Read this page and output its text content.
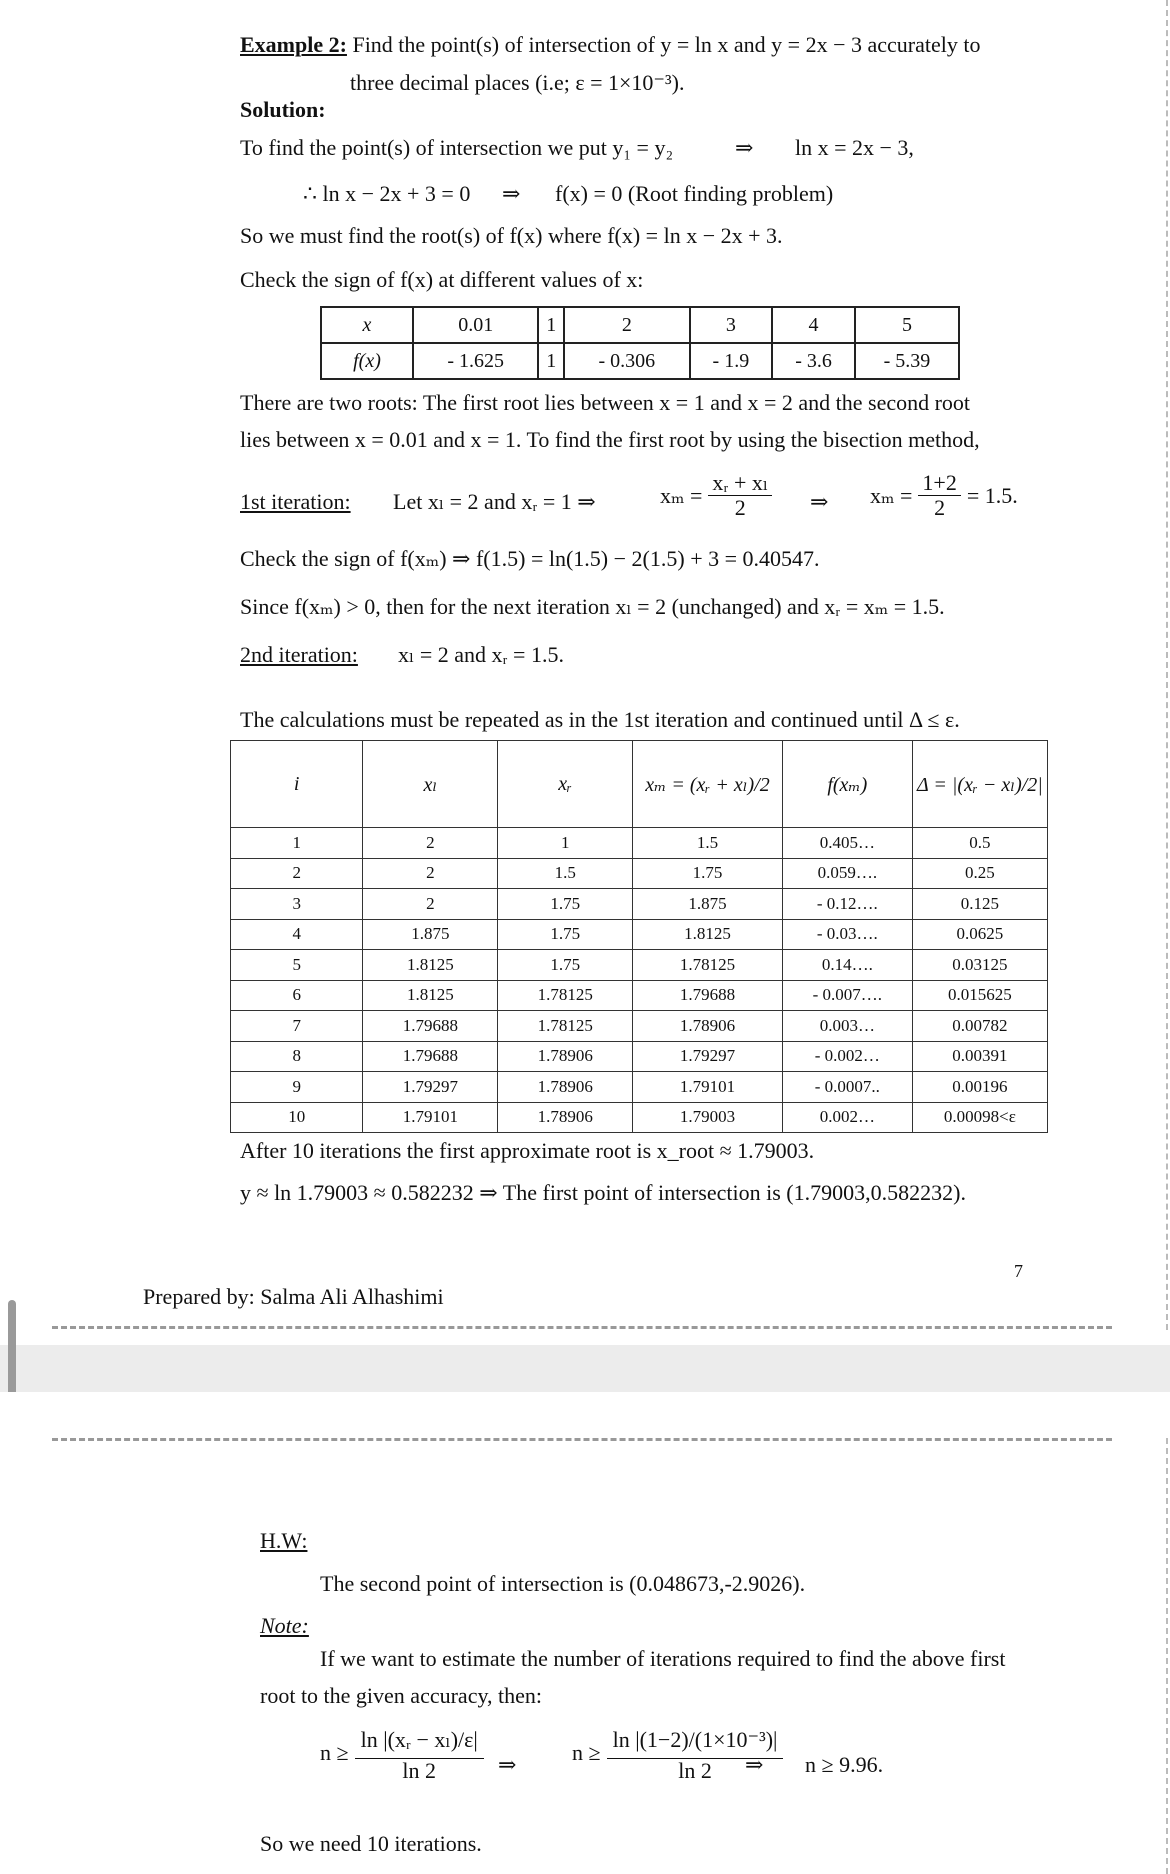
Example 2: Find the point(s) of intersection of y = ln x and y = 2x − 3 accurately to
three decimal places (i.e; ε = 1×10⁻³).
Solution:
To find the point(s) of intersection we put y₁ = y₂	⇒ ln x = 2x − 3,
∴ ln x − 2x + 3 = 0 ⇒ f(x) = 0 (Root finding problem)
So we must find the root(s) of f(x) where f(x) = ln x − 2x + 3.
Check the sign of f(x) at different values of x:
x	0.01	1	2	3	4	5
f(x)	- 1.625	1	- 0.306	- 1.9	- 3.6	- 5.39
There are two roots: The first root lies between x = 1 and x = 2 and the second root
lies between x = 0.01 and x = 1. To find the first root by using the bisection method,
1st iteration: Let xₗ = 2 and xᵣ = 1 ⇒	$x_m = \frac{\text{xᵣ + xₗ}}{2}$ ⇒ $x_m = \frac{1+2}{2} = 1.5$.
Check the sign of f(xₘ) ⇒ f(1.5) = ln(1.5) − 2(1.5) + 3 = 0.40547.
Since f(xₘ) > 0, then for the next iteration xₗ = 2 (unchanged) and xᵣ = xₘ = 1.5.
2nd iteration: xₗ = 2 and xᵣ = 1.5.
The calculations must be repeated as in the 1st iteration and continued until Δ ≤ ε.
i	xₗ	xᵣ	xₘ = (xᵣ + xₗ)/2	f(xₘ)	Δ = |(xᵣ − xₗ)/2|
1	2	1	1.5	0.405…	0.5
2	2	1.5	1.75	0.059….	0.25
3	2	1.75	1.875	- 0.12….	0.125
4	1.875	1.75	1.8125	- 0.03….	0.0625
5	1.8125	1.75	1.78125	0.14….	0.03125
6	1.8125	1.78125	1.79688	- 0.007….	0.015625
7	1.79688	1.78125	1.78906	0.003…	0.00782
8	1.79688	1.78906	1.79297	- 0.002…	0.00391
9	1.79297	1.78906	1.79101	- 0.0007..	0.00196
10	1.79101	1.78906	1.79003	0.002…	0.00098<ε
After 10 iterations the first approximate root is x_root ≈ 1.79003.
y ≈ ln 1.79003 ≈ 0.582232 ⇒ The first point of intersection is (1.79003,0.582232).
7
Prepared by: Salma Ali Alhashimi
H.W:
The second point of intersection is (0.048673,-2.9026).
Note:
If we want to estimate the number of iterations required to find the above first
root to the given accuracy, then:
$n \ge \frac{\text{ln |(xᵣ − xₗ)/ε|}}{\ln 2}$ ⇒	$n \ge \frac{\text{ln |(1−2)/(1×10⁻³)|}}{\ln 2}$
⇒ n ≥ 9.96.
So we need 10 iterations.
